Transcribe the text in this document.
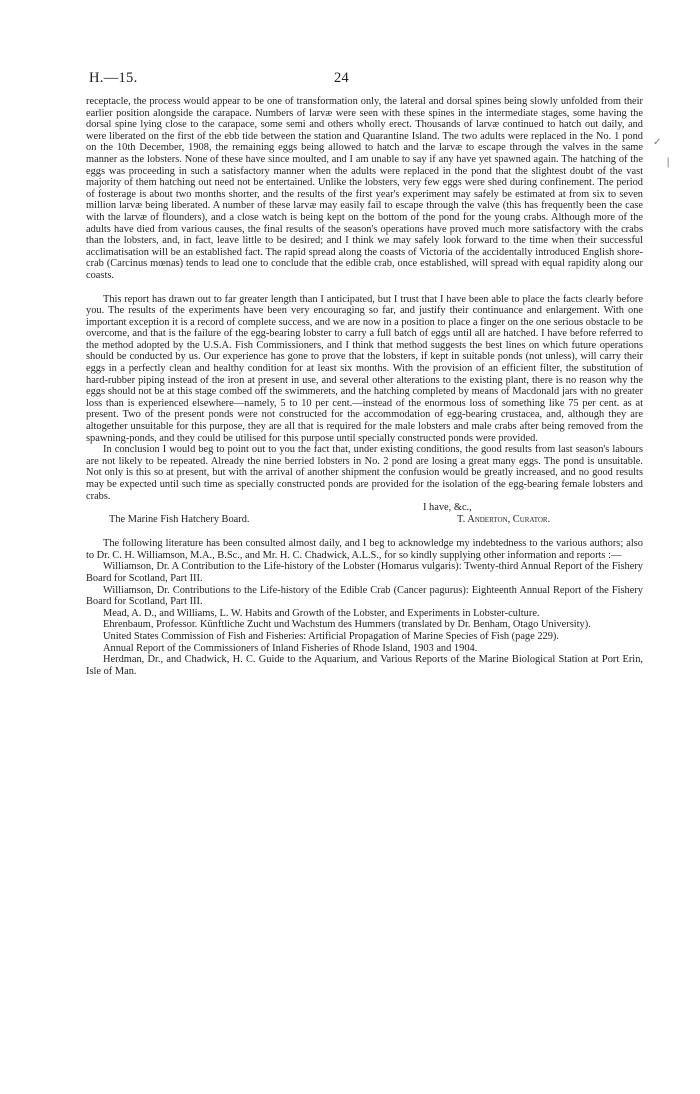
H.—15.	24
✓
❘

receptacle, the process would appear to be one of transformation only, the lateral and dorsal spines being slowly unfolded from their earlier position alongside the carapace. Numbers of larvæ were seen with these spines in the intermediate stages, some having the dorsal spine lying close to the carapace, some semi and others wholly erect. Thousands of larvæ continued to hatch out daily, and were liberated on the first of the ebb tide between the station and Quarantine Island. The two adults were replaced in the No. 1 pond on the 10th December, 1908, the remaining eggs being allowed to hatch and the larvæ to escape through the valves in the same manner as the lobsters. None of these have since moulted, and I am unable to say if any have yet spawned again. The hatching of the eggs was proceeding in such a satisfactory manner when the adults were replaced in the pond that the slightest doubt of the vast majority of them hatching out need not be entertained. Unlike the lobsters, very few eggs were shed during confinement. The period of fosterage is about two months shorter, and the results of the first year's experiment may safely be estimated at from six to seven million larvæ being liberated. A number of these larvæ may easily fail to escape through the valve (this has frequently been the case with the larvæ of flounders), and a close watch is being kept on the bottom of the pond for the young crabs. Although more of the adults have died from various causes, the final results of the season's operations have proved much more satisfactory with the crabs than the lobsters, and, in fact, leave little to be desired; and I think we may safely look forward to the time when their successful acclimatisation will be an established fact. The rapid spread along the coasts of Victoria of the accidentally introduced English shore-crab (Carcinus mœnas) tends to lead one to conclude that the edible crab, once established, will spread with equal rapidity along our coasts.

This report has drawn out to far greater length than I anticipated, but I trust that I have been able to place the facts clearly before you. The results of the experiments have been very encouraging so far, and justify their continuance and enlargement. With one important exception it is a record of complete success, and we are now in a position to place a finger on the one serious obstacle to be overcome, and that is the failure of the egg-bearing lobster to carry a full batch of eggs until all are hatched. I have before referred to the method adopted by the U.S.A. Fish Commissioners, and I think that method suggests the best lines on which future operations should be conducted by us. Our experience has gone to prove that the lobsters, if kept in suitable ponds (not unless), will carry their eggs in a perfectly clean and healthy condition for at least six months. With the provision of an efficient filter, the substitution of hard-rubber piping instead of the iron at present in use, and several other alterations to the existing plant, there is no reason why the eggs should not be at this stage combed off the swimmerets, and the hatching completed by means of Macdonald jars with no greater loss than is experienced elsewhere—namely, 5 to 10 per cent.—instead of the enormous loss of something like 75 per cent. as at present. Two of the present ponds were not constructed for the accommodation of egg-bearing crustacea, and, although they are altogether unsuitable for this purpose, they are all that is required for the male lobsters and male crabs after being removed from the spawning-ponds, and they could be utilised for this purpose until specially constructed ponds were provided.

In conclusion I would beg to point out to you the fact that, under existing conditions, the good results from last season's labours are not likely to be repeated. Already the nine berried lobsters in No. 2 pond are losing a great many eggs. The pond is unsuitable. Not only is this so at present, but with the arrival of another shipment the confusion would be greatly increased, and no good results may be expected until such time as specially constructed ponds are provided for the isolation of the egg-bearing female lobsters and crabs.

I have, &c.,
The Marine Fish Hatchery Board.	T. Anderton, Curator.

The following literature has been consulted almost daily, and I beg to acknowledge my indebtedness to the various authors; also to Dr. C. H. Williamson, M.A., B.Sc., and Mr. H. C. Chadwick, A.L.S., for so kindly supplying other information and reports :—

Williamson, Dr. A Contribution to the Life-history of the Lobster (Homarus vulgaris): Twenty-third Annual Report of the Fishery Board for Scotland, Part III.

Williamson, Dr. Contributions to the Life-history of the Edible Crab (Cancer pagurus): Eighteenth Annual Report of the Fishery Board for Scotland, Part III.

Mead, A. D., and Williams, L. W. Habits and Growth of the Lobster, and Experiments in Lobster-culture.

Ehrenbaum, Professor. Künftliche Zucht und Wachstum des Hummers (translated by Dr. Benham, Otago University).

United States Commission of Fish and Fisheries: Artificial Propagation of Marine Species of Fish (page 229).

Annual Report of the Commissioners of Inland Fisheries of Rhode Island, 1903 and 1904.

Herdman, Dr., and Chadwick, H. C. Guide to the Aquarium, and Various Reports of the Marine Biological Station at Port Erin, Isle of Man.
